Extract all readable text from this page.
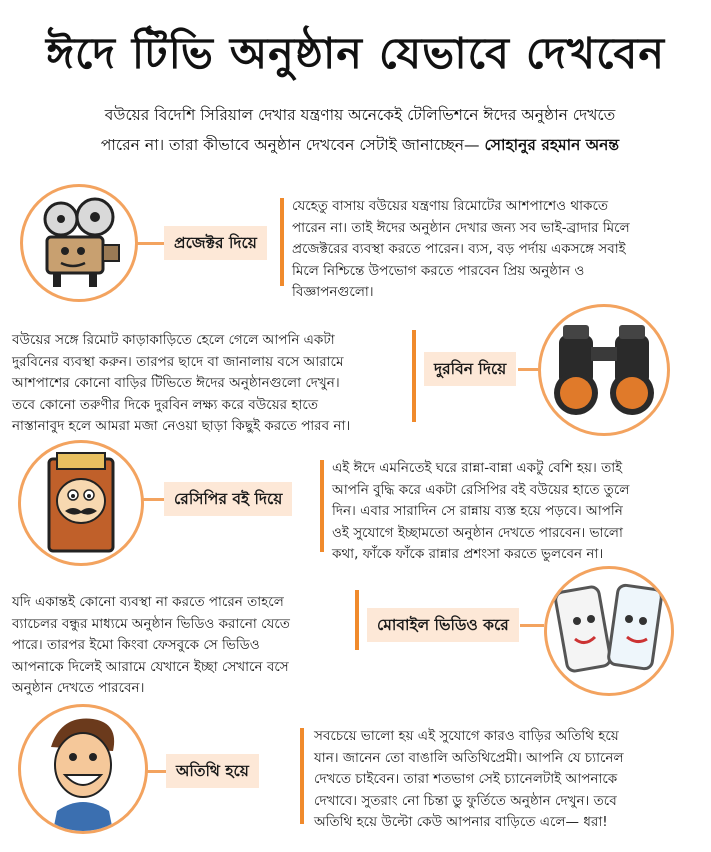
ঈদে টিভি অনুষ্ঠান যেভাবে দেখবেন
বউয়ের বিদেশি সিরিয়াল দেখার যন্ত্রণায় অনেকেই টেলিভিশনে ঈদের অনুষ্ঠান দেখতে
পারেন না। তারা কীভাবে অনুষ্ঠান দেখবেন সেটাই জানাচ্ছেন— সোহানুর রহমান অনন্ত
প্রজেক্টর দিয়ে
যেহেতু বাসায় বউয়ের যন্ত্রণায় রিমোটের আশপাশেও থাকতে
পারেন না। তাই ঈদের অনুষ্ঠান দেখার জন্য সব ভাই-ব্রাদার মিলে
প্রজেক্টরের ব্যবস্থা করতে পারেন। ব্যস, বড় পর্দায় একসঙ্গে সবাই
মিলে নিশ্চিন্তে উপভোগ করতে পারবেন প্রিয় অনুষ্ঠান ও
বিজ্ঞাপনগুলো।
বউয়ের সঙ্গে রিমোট কাড়াকাড়িতে হেলে গেলে আপনি একটা
দুরবিনের ব্যবস্থা করুন। তারপর ছাদে বা জানালায় বসে আরামে
আশপাশের কোনো বাড়ির টিভিতে ঈদের অনুষ্ঠানগুলো দেখুন।
তবে কোনো তরুণীর দিকে দুরবিন লক্ষ্য করে বউয়ের হাতে
নাস্তানাবুদ হলে আমরা মজা নেওয়া ছাড়া কিছুই করতে পারব না।
দুরবিন দিয়ে
রেসিপির বই দিয়ে
এই ঈদে এমনিতেই ঘরে রান্না-বান্না একটু বেশি হয়। তাই
আপনি বুদ্ধি করে একটা রেসিপির বই বউয়ের হাতে তুলে
দিন। এবার সারাদিন সে রান্নায় ব্যস্ত হয়ে পড়বে। আপনি
ওই সুযোগে ইচ্ছামতো অনুষ্ঠান দেখতে পারবেন। ভালো
কথা, ফাঁকে ফাঁকে রান্নার প্রশংসা করতে ভুলবেন না।
যদি একান্তই কোনো ব্যবস্থা না করতে পারেন তাহলে
ব্যাচেলর বন্ধুর মাধ্যমে অনুষ্ঠান ভিডিও করানো যেতে
পারে। তারপর ইমো কিংবা ফেসবুকে সে ভিডিও
আপনাকে দিলেই আরামে যেখানে ইচ্ছা সেখানে বসে
অনুষ্ঠান দেখতে পারবেন।
মোবাইল ভিডিও করে
অতিথি হয়ে
সবচেয়ে ভালো হয় এই সুযোগে কারও বাড়ির অতিথি হয়ে
যান। জানেন তো বাঙালি অতিথিপ্রেমী। আপনি যে চ্যানেল
দেখতে চাইবেন। তারা শতভাগ সেই চ্যানেলটাই আপনাকে
দেখাবে। সুতরাং নো চিন্তা ডু ফুর্তিতে অনুষ্ঠান দেখুন। তবে
অতিথি হয়ে উল্টো কেউ আপনার বাড়িতে এলে— ধরা!
